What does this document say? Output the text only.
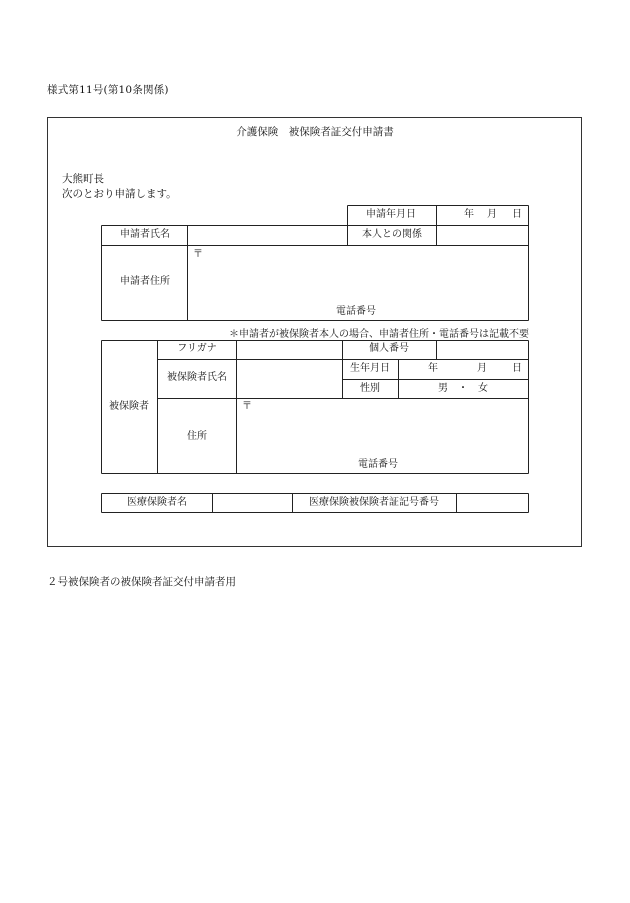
様式第11号(第10条関係)
介護保険　被保険者証交付申請書
大熊町長
次のとおり申請します。
申請年月日	年 月 日
申請者氏名	本人との関係
申請者住所
〒
電話番号
＊申請者が被保険者本人の場合、申請者住所・電話番号は記載不要
被保険者
フリガナ	個人番号
被保険者氏名
生年月日	年	月	日
性別	男　・　女
住所
〒
電話番号
医療保険者名	医療保険被保険者証記号番号
２号被保険者の被保険者証交付申請者用
